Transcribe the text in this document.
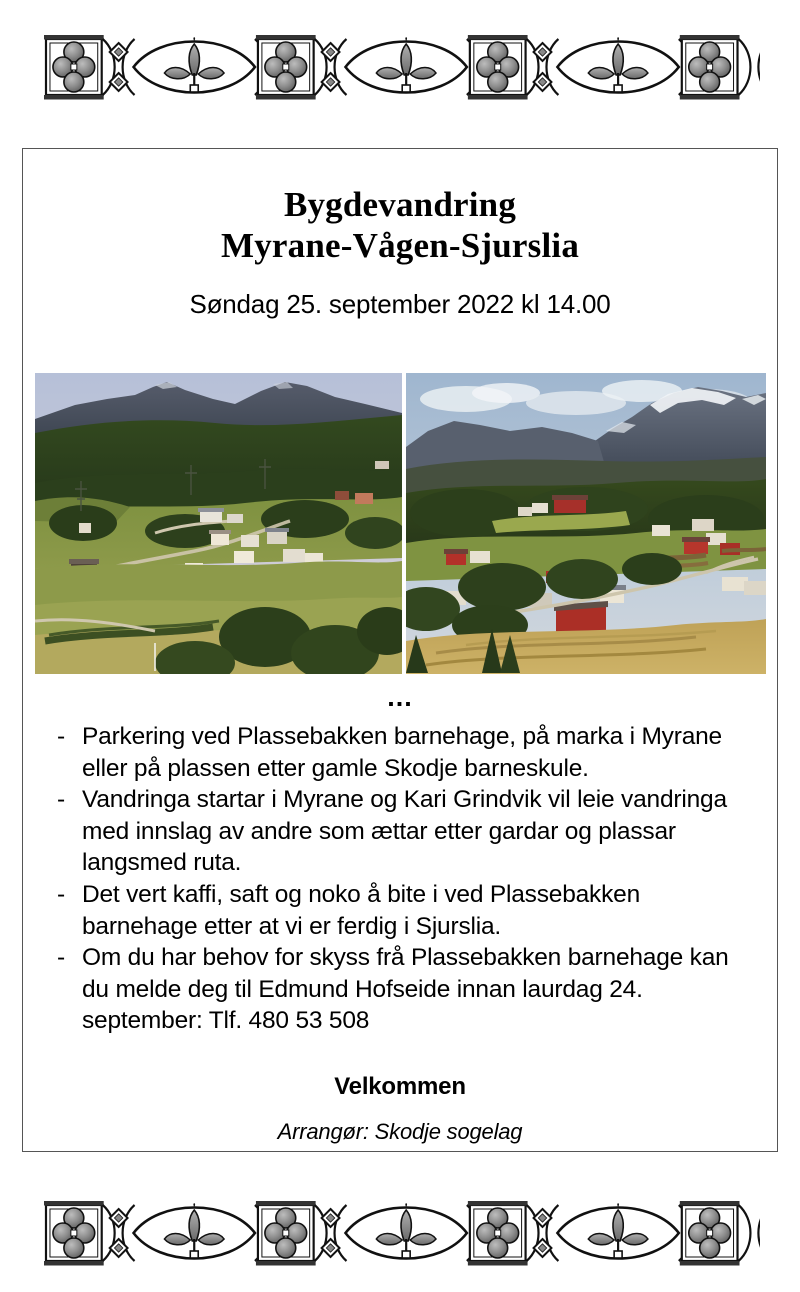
Bygdevandring
Myrane-Vågen-Sjurslia
Søndag 25. september 2022 kl 14.00
...
- Parkering ved Plassebakken barnehage, på marka i Myrane eller på plassen etter gamle Skodje barneskule.
- Vandringa startar i Myrane og Kari Grindvik vil leie vandringa med innslag av andre som ættar etter gardar og plassar langsmed ruta.
- Det vert kaffi, saft og noko å bite i ved Plassebakken barnehage etter at vi er ferdig i Sjurslia.
- Om du har behov for skyss frå Plassebakken barnehage kan du melde deg til Edmund Hofseide innan laurdag 24. september: Tlf. 480 53 508
Velkommen
Arrangør: Skodje sogelag
